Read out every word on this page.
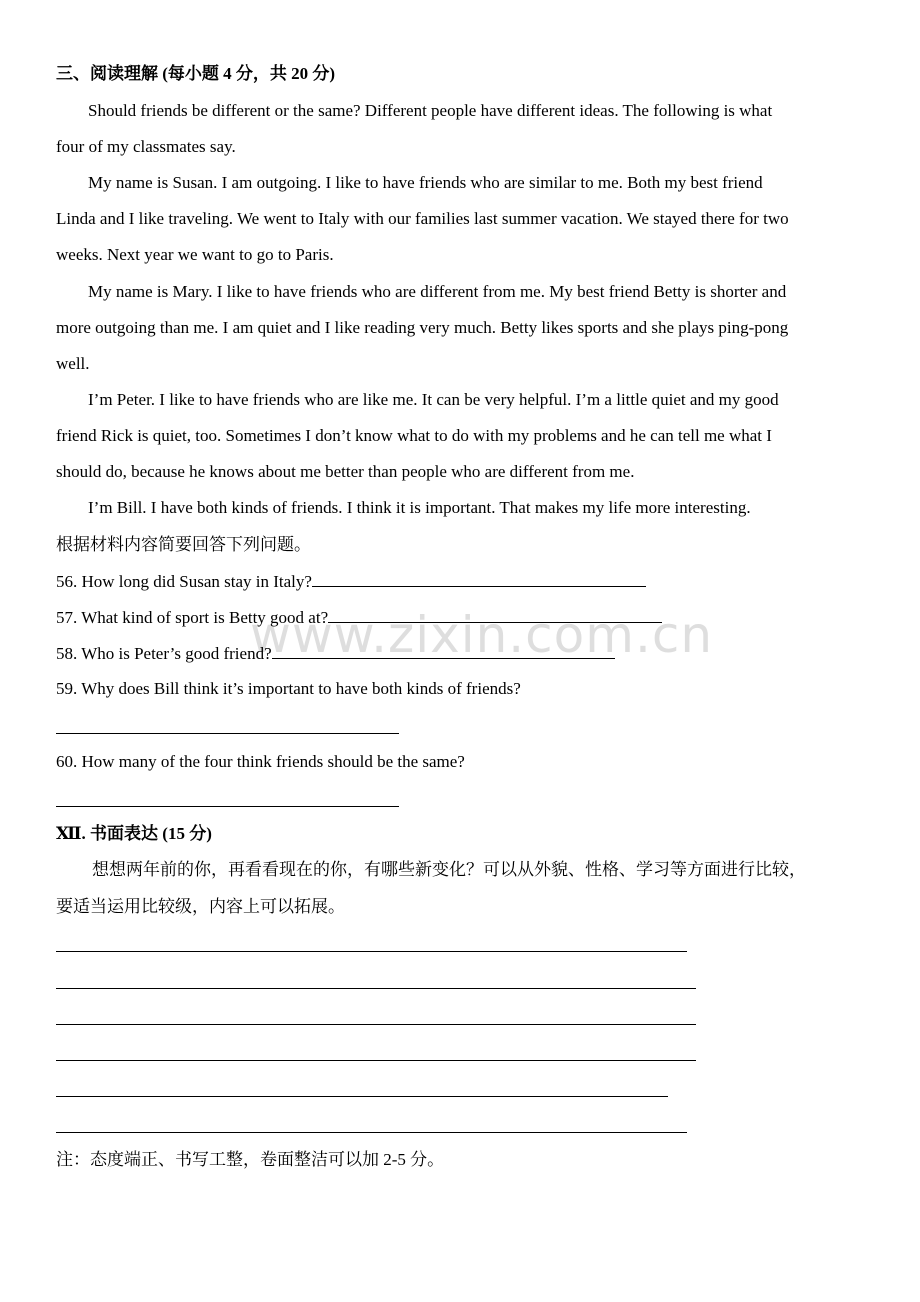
www.zixin.com.cn
三、阅读理解 (每小题 4 分，共 20 分)
Should friends be different or the same? Different people have different ideas. The following is what
four of my classmates say.
My name is Susan. I am outgoing. I like to have friends who are similar to me. Both my best friend
Linda and I like traveling. We went to Italy with our families last summer vacation. We stayed there for two
weeks. Next year we want to go to Paris.
My name is Mary. I like to have friends who are different from me. My best friend Betty is shorter and
more outgoing than me. I am quiet and I like reading very much. Betty likes sports and she plays ping-pong
well.
I’m Peter. I like to have friends who are like me. It can be very helpful. I’m a little quiet and my good
friend Rick is quiet, too. Sometimes I don’t know what to do with my problems and he can tell me what I
should do, because he knows about me better than people who are different from me.
I’m Bill. I have both kinds of friends. I think it is important. That makes my life more interesting.
根据材料内容简要回答下列问题。
56. How long did Susan stay in Italy?
57. What kind of sport is Betty good at?
58. Who is Peter’s good friend?
59. Why does Bill think it’s important to have both kinds of friends?
60. How many of the four think friends should be the same?
Ⅻ. 书面表达 (15 分)
想想两年前的你，再看看现在的你，有哪些新变化？可以从外貌、性格、学习等方面进行比较，
要适当运用比较级，内容上可以拓展。
注：态度端正、书写工整，卷面整洁可以加 2-5 分。
